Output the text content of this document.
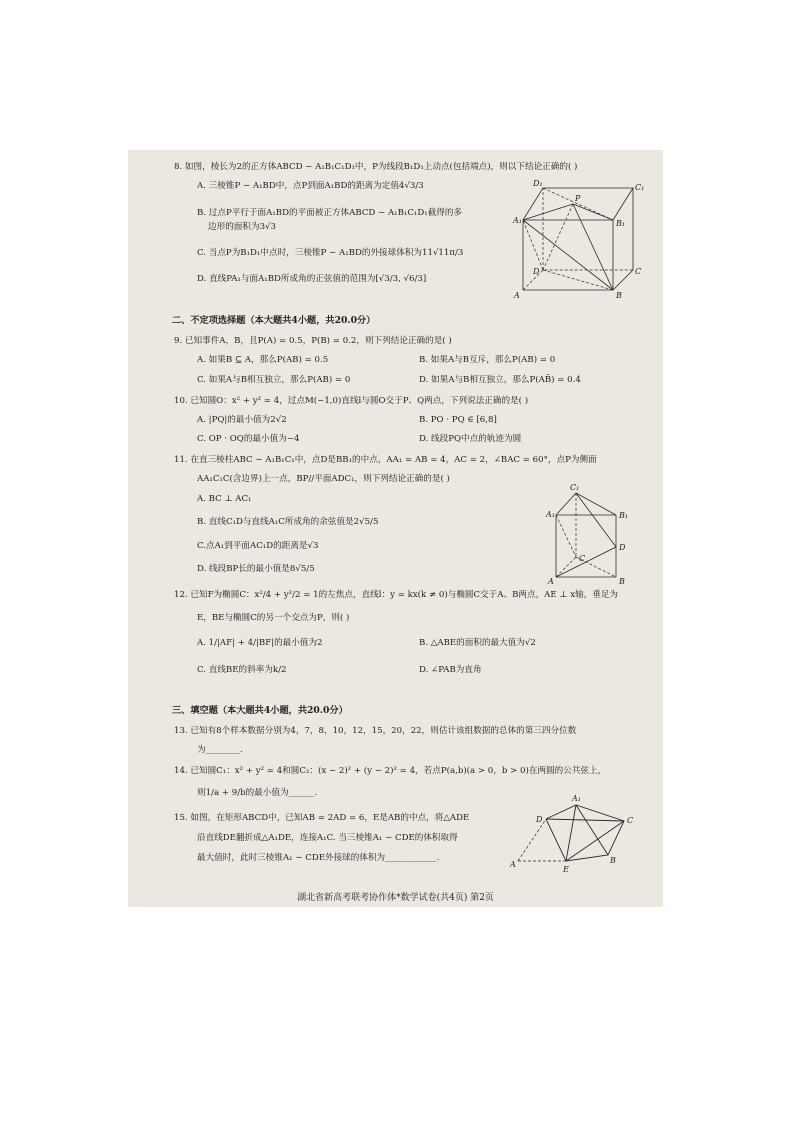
8. 如图，棱长为2的正方体ABCD − A₁B₁C₁D₁中，P为线段B₁D₁上动点(包括端点)，则以下结论正确的( )
A. 三棱锥P − A₁BD中，点P到面A₁BD的距离为定值4√3/3
B. 过点P平行于面A₁BD的平面被正方体ABCD − A₁B₁C₁D₁截得的多
边形的面积为3√3
C. 当点P为B₁D₁中点时，三棱锥P − A₁BD的外接球体积为11√11π/3
D. 直线PA₁与面A₁BD所成角的正弦值的范围为[√3/3, √6/3]
A	B
C
D
A₁	B₁
C₁
D₁
P
二、不定项选择题（本大题共4小题，共20.0分）
9. 已知事件A，B，且P(A) = 0.5，P(B) = 0.2，则下列结论正确的是( )
A. 如果B ⊆ A，那么P(AB) = 0.5	B. 如果A与B互斥，那么P(AB) = 0
C. 如果A与B相互独立，那么P(AB) = 0	D. 如果A与B相互独立，那么P(AB̄) = 0.4
10. 已知圆O：x² + y² = 4，过点M(−1,0)直线l与圆O交于P、Q两点，下列说法正确的是( )
A. |PQ|的最小值为2√2	B. PO · PQ ∈ [6,8]
C. OP · OQ的最小值为−4	D. 线段PQ中点的轨迹为圆
11. 在直三棱柱ABC − A₁B₁C₁中，点D是BB₁的中点，AA₁ = AB = 4，AC = 2，∠BAC = 60°，点P为侧面
AA₁C₁C(含边界)上一点，BP//平面ADC₁，则下列结论正确的是( )
A. BC ⊥ AC₁
B. 直线C₁D与直线A₁C所成角的余弦值是2√5/5
C.点A₁到平面AC₁D的距离是√3
D. 线段BP长的最小值是8√5/5
A	B
C
A₁	B₁
C₁
D
12. 已知F为椭圆C：x²/4 + y²/2 = 1的左焦点，直线l：y = kx(k ≠ 0)与椭圆C交于A、B两点，AE ⊥ x轴，垂足为
E，BE与椭圆C的另一个交点为P，则( )
A. 1/|AF| + 4/|BF|的最小值为2	B. △ABE的面积的最大值为√2
C. 直线BE的斜率为k/2	D. ∠PAB为直角
三、填空题（本大题共4小题，共20.0分）
13. 已知有8个样本数据分别为4，7，8，10，12，15，20，22，则估计该组数据的总体的第三四分位数
为________.
14. 已知圆C₁：x² + y² = 4和圆C₂：(x − 2)² + (y − 2)² = 4，若点P(a,b)(a > 0，b > 0)在两圆的公共弦上，
则1/a + 9/b的最小值为______.
15. 如图，在矩形ABCD中，已知AB = 2AD = 6，E是AB的中点，将△ADE
沿直线DE翻折成△A₁DE，连接A₁C. 当三棱锥A₁ − CDE的体积取得
最大值时，此时三棱锥A₁ − CDE外接球的体积为____________.
A	B
C
D
E
A₁
湖北省新高考联考协作体*数学试卷(共4页) 第2页
